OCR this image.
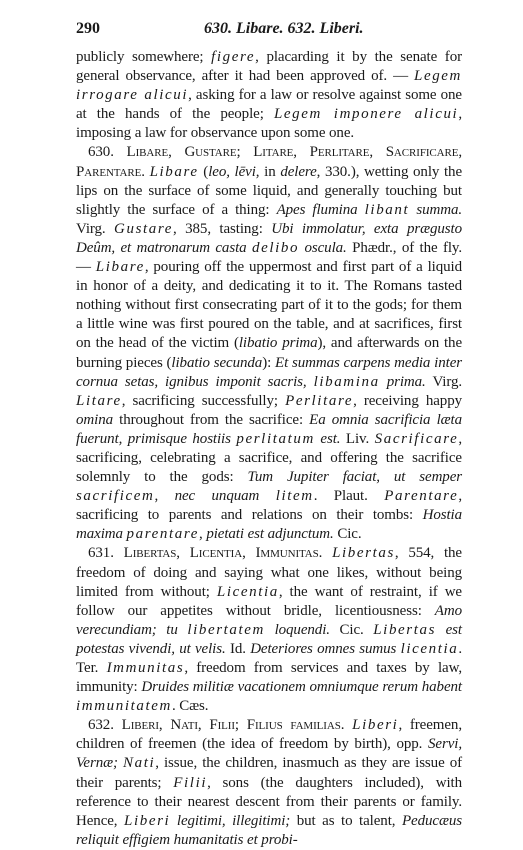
290	630. Libare. 632. Liberi.

publicly somewhere; figere, placarding it by the senate for general observance, after it had been approved of. — Legem irrogare alicui, asking for a law or resolve against some one at the hands of the people; Legem imponere alicui, imposing a law for observance upon some one.

630. Libare, Gustare; Litare, Perlitare, Sacrificare, Parentare. Libare (leo, lēvi, in delere, 330.), wetting only the lips on the surface of some liquid, and generally touching but slightly the surface of a thing: Apes flumina libant summa. Virg. Gustare, 385, tasting: Ubi immolatur, exta prægusto Deûm, et matronarum casta delibo oscula. Phædr., of the fly. — Libare, pouring off the uppermost and first part of a liquid in honor of a deity, and dedicating it to it. The Romans tasted nothing without first consecrating part of it to the gods; for them a little wine was first poured on the table, and at sacrifices, first on the head of the victim (libatio prima), and afterwards on the burning pieces (libatio secunda): Et summas carpens media inter cornua setas, ignibus imponit sacris, libamina prima. Virg. Litare, sacrificing successfully; Perlitare, receiving happy omina throughout from the sacrifice: Ea omnia sacrificia læta fuerunt, primisque hostiis perlitatum est. Liv. Sacrificare, sacrificing, celebrating a sacrifice, and offering the sacrifice solemnly to the gods: Tum Jupiter faciat, ut semper sacrificem, nec unquam litem. Plaut. Parentare, sacrificing to parents and relations on their tombs: Hostia maxima parentare, pietati est adjunctum. Cic.

631. Libertas, Licentia, Immunitas. Libertas, 554, the freedom of doing and saying what one likes, without being limited from without; Licentia, the want of restraint, if we follow our appetites without bridle, licentiousness: Amo verecundiam; tu libertatem loquendi. Cic. Libertas est potestas vivendi, ut velis. Id. Deteriores omnes sumus licentia. Ter. Immunitas, freedom from services and taxes by law, immunity: Druides militiæ vacationem omniumque rerum habent immunitatem. Cæs.

632. Liberi, Nati, Filii; Filius familias. Liberi, freemen, children of freemen (the idea of freedom by birth), opp. Servi, Vernæ; Nati, issue, the children, inasmuch as they are issue of their parents; Filii, sons (the daughters included), with reference to their nearest descent from their parents or family. Hence, Liberi legitimi, illegitimi; but as to talent, Peducæus reliquit effigiem humanitatis et probi-
